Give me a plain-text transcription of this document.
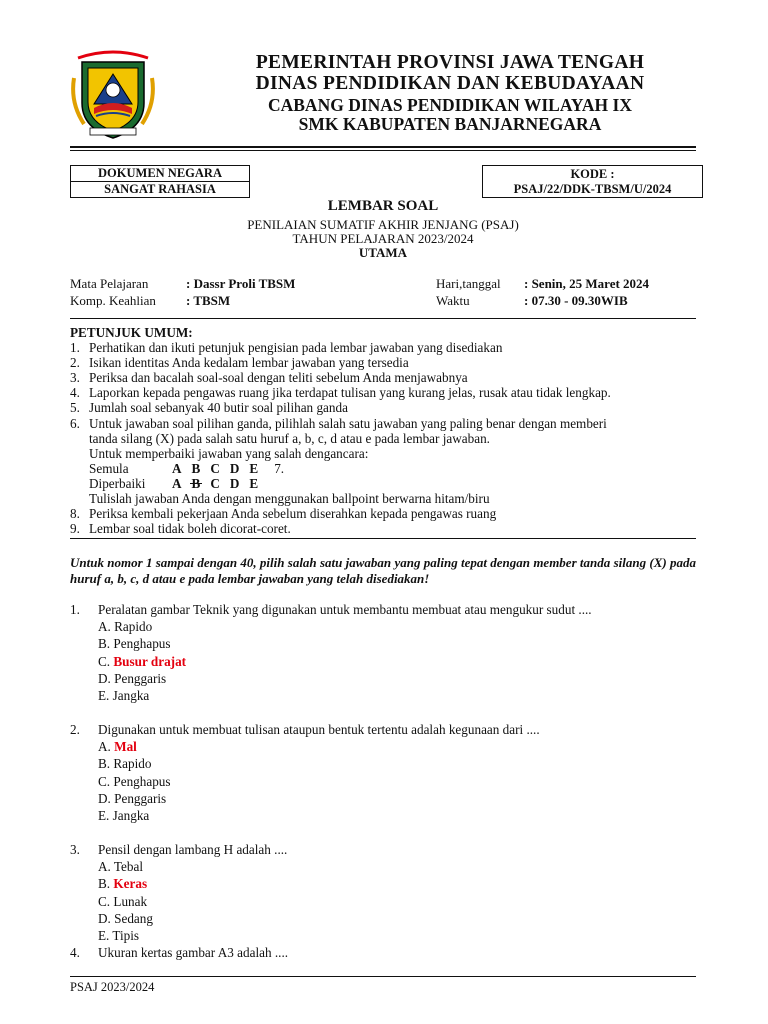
PEMERINTAH PROVINSI JAWA TENGAH
DINAS PENDIDIKAN DAN KEBUDAYAAN
CABANG DINAS PENDIDIKAN WILAYAH IX
SMK KABUPATEN BANJARNEGARA
DOKUMEN NEGARA
SANGAT RAHASIA
KODE :
PSAJ/22/DDK-TBSM/U/2024
LEMBAR SOAL
PENILAIAN SUMATIF AKHIR JENJANG (PSAJ)
TAHUN PELAJARAN 2023/2024
UTAMA
Mata Pelajaran	: Dassr Proli TBSM
Komp. Keahlian : TBSM
Hari,tanggal : Senin, 25 Maret 2024
Waktu	: 07.30 - 09.30WIB
PETUNJUK UMUM:
1. Perhatikan dan ikuti petunjuk pengisian pada lembar jawaban yang disediakan
2. Isikan identitas Anda kedalam lembar jawaban yang tersedia
3. Periksa dan bacalah soal-soal dengan teliti sebelum Anda menjawabnya
4. Laporkan kepada pengawas ruang jika terdapat tulisan yang kurang jelas, rusak atau tidak lengkap.
5. Jumlah soal sebanyak 40 butir soal pilihan ganda
6. Untuk jawaban soal pilihan ganda, pilihlah salah satu jawaban yang paling benar dengan memberi
tanda silang (X) pada salah satu huruf a, b, c, d atau e pada lembar jawaban.
Untuk memperbaiki jawaban yang salah dengancara:
Semula	A B C D E	7.
Diperbaiki	A B C D E
Tulislah jawaban Anda dengan menggunakan ballpoint berwarna hitam/biru
8. Periksa kembali pekerjaan Anda sebelum diserahkan kepada pengawas ruang
9. Lembar soal tidak boleh dicorat-coret.
Untuk nomor 1 sampai dengan 40, pilih salah satu jawaban yang paling tepat dengan member tanda silang (X) pada huruf a, b, c, d atau e pada lembar jawaban yang telah disediakan!
1.	Peralatan gambar Teknik yang digunakan untuk membantu membuat atau mengukur sudut ....
A. Rapido
B. Penghapus
C. Busur drajat
D. Penggaris
E. Jangka
2.	Digunakan untuk membuat tulisan ataupun bentuk tertentu adalah kegunaan dari ....
A. Mal
B. Rapido
C. Penghapus
D. Penggaris
E. Jangka
3.	Pensil dengan lambang H adalah ....
A. Tebal
B. Keras
C. Lunak
D. Sedang
E. Tipis
4.	Ukuran kertas gambar A3 adalah ....
PSAJ 2023/2024
